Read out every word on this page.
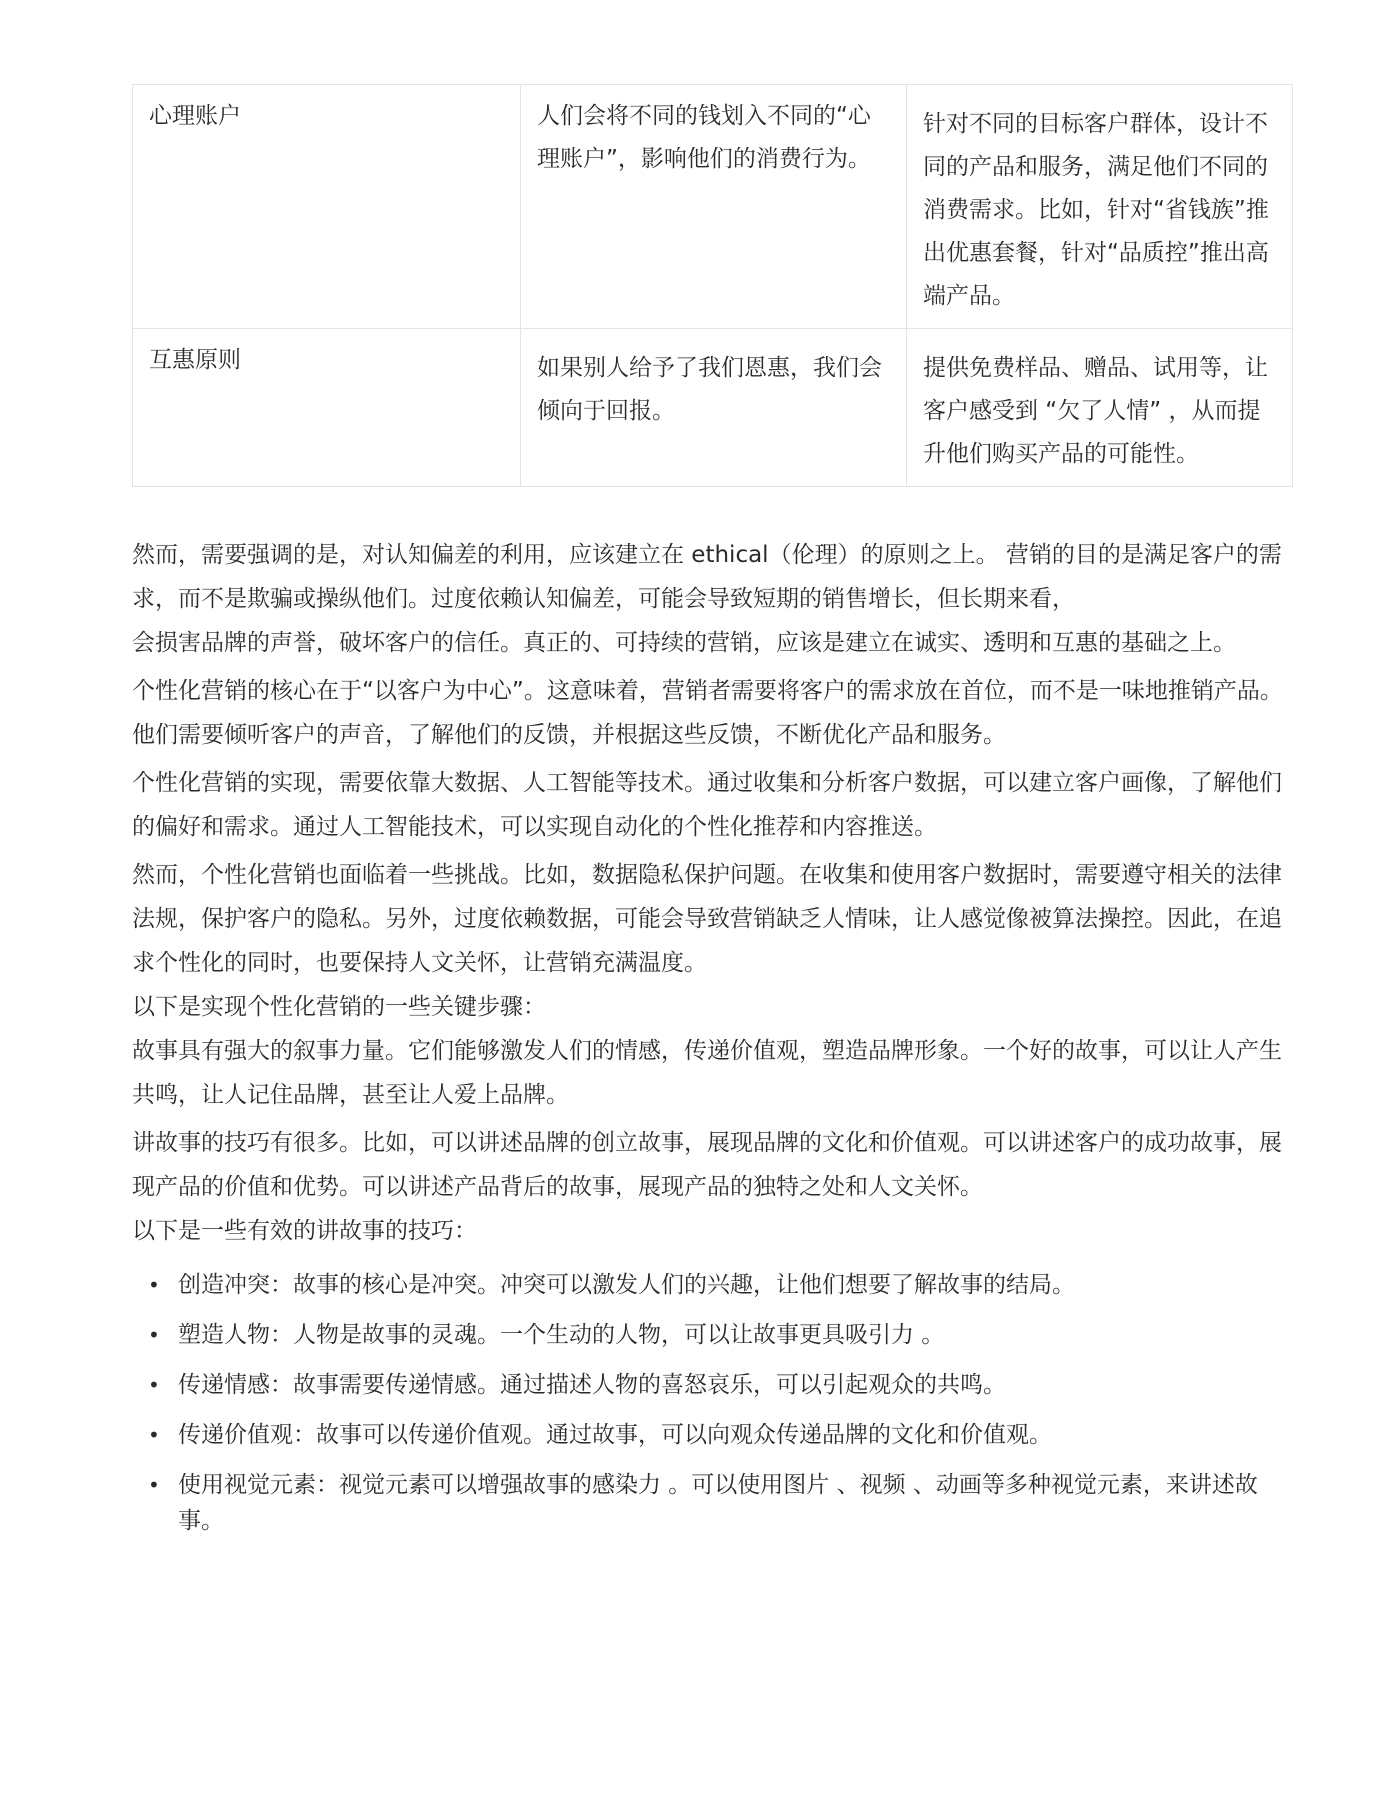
心理账户	人们会将不同的钱划入不同的“心理账户”，影响他们的消费行为。	针对不同的目标客户群体，设计不同的产品和服务，满足他们不同的消费需求。比如，针对“省钱族”推出优惠套餐，针对“品质控”推出高端产品。
互惠原则	如果别人给予了我们恩惠，我们会倾向于回报。	提供免费样品、赠品、试用等，让客户感受到 “欠了人情” ，从而提升他们购买产品的可能性。

然而，需要强调的是，对认知偏差的利用，应该建立在 ethical（伦理）的原则之上。 营销的目的是满足客户的需求，而不是欺骗或操纵他们。过度依赖认知偏差，可能会导致短期的销售增长，但长期来看，

会损害品牌的声誉，破坏客户的信任。真正的、可持续的营销，应该是建立在诚实、透明和互惠的基础之上。

个性化营销的核心在于“以客户为中心”。这意味着，营销者需要将客户的需求放在首位，而不是一味地推销产品。他们需要倾听客户的声音，了解他们的反馈，并根据这些反馈，不断优化产品和服务。

个性化营销的实现，需要依靠大数据、人工智能等技术。通过收集和分析客户数据，可以建立客户画像，了解他们的偏好和需求。通过人工智能技术，可以实现自动化的个性化推荐和内容推送。

然而，个性化营销也面临着一些挑战。比如，数据隐私保护问题。在收集和使用客户数据时，需要遵守相关的法律法规，保护客户的隐私。另外，过度依赖数据，可能会导致营销缺乏人情味，让人感觉像被算法操控。因此，在追求个性化的同时，也要保持人文关怀，让营销充满温度。

以下是实现个性化营销的一些关键步骤：

故事具有强大的叙事力量。它们能够激发人们的情感，传递价值观，塑造品牌形象。一个好的故事，可以让人产生共鸣，让人记住品牌，甚至让人爱上品牌。

讲故事的技巧有很多。比如，可以讲述品牌的创立故事，展现品牌的文化和价值观。可以讲述客户的成功故事，展现产品的价值和优势。可以讲述产品背后的故事，展现产品的独特之处和人文关怀。

以下是一些有效的讲故事的技巧：

• 创造冲突：故事的核心是冲突。冲突可以激发人们的兴趣，让他们想要了解故事的结局。
• 塑造人物：人物是故事的灵魂。一个生动的人物，可以让故事更具吸引力 。
• 传递情感：故事需要传递情感。通过描述人物的喜怒哀乐，可以引起观众的共鸣。
• 传递价值观：故事可以传递价值观。通过故事，可以向观众传递品牌的文化和价值观。
• 使用视觉元素：视觉元素可以增强故事的感染力 。可以使用图片 、视频 、动画等多种视觉元素，来讲述故事。
